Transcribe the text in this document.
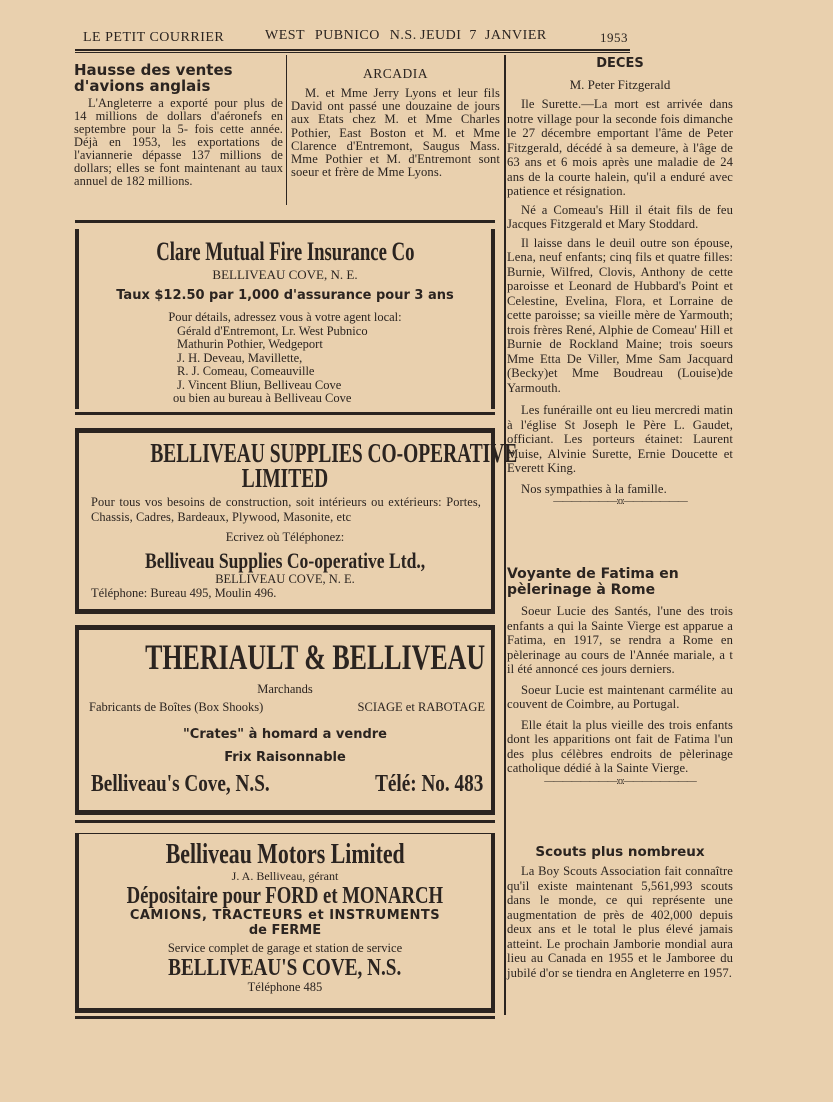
LE PETIT COURRIER	WEST PUBNICO N.S. JEUDI 7 JANVIER	1953
Hausse des ventes d'avions anglais
L'Angleterre a exporté pour plus de 14 millions de dollars d'aéronefs en septembre pour la 5- fois cette année. Déjà en 1953, les exportations de l'aviannerie dépasse 137 millions de dollars; elles se font maintenant au taux annuel de 182 millions.
ARCADIA
M. et Mme Jerry Lyons et leur fils David ont passé une douzaine de jours aux Etats chez M. et Mme Charles Pothier, East Boston et M. et Mme Clarence d'Entremont, Saugus Mass. Mme Pothier et M. d'Entremont sont soeur et frère de Mme Lyons.
DECES
M. Peter Fitzgerald
Ile Surette.—La mort est arrivée dans notre village pour la seconde fois dimanche le 27 décembre emportant l'âme de Peter Fitzgerald, décédé à sa demeure, à l'âge de 63 ans et 6 mois après une maladie de 24 ans de la courte halein, qu'il a enduré avec patience et résignation.
Né a Comeau's Hill il était fils de feu Jacques Fitzgerald et Mary Stoddard.
Il laisse dans le deuil outre son épouse, Lena, neuf enfants; cinq fils et quatre filles: Burnie, Wilfred, Clovis, Anthony de cette paroisse et Leonard de Hubbard's Point et Celestine, Evelina, Flora, et Lorraine de cette paroisse; sa vieille mère de Yarmouth; trois frères René, Alphie de Comeau' Hill et Burnie de Rockland Maine; trois soeurs Mme Etta De Viller, Mme Sam Jacquard (Becky)et Mme Boudreau (Louise)de Yarmouth.
Les funéraille ont eu lieu mercredi matin à l'église St Joseph le Père L. Gaudet, officiant. Les porteurs étainet: Laurent Muise, Alvinie Surette, Ernie Doucette et Everett King.
Nos sympathies à la famille.
———————:o:———————
Voyante de Fatima en pèlerinage à Rome
Soeur Lucie des Santés, l'une des trois enfants a qui la Sainte Vierge est apparue a Fatima, en 1917, se rendra a Rome en pèlerinage au cours de l'Année mariale, a t il été annoncé ces jours derniers.
Soeur Lucie est maintenant carmélite au couvent de Coimbre, au Portugal.
Elle était la plus vieille des trois enfants dont les apparitions ont fait de Fatima l'un des plus célèbres endroits de pèlerinage catholique dédié à la Sainte Vierge.
————————:o:————————
Scouts plus nombreux
La Boy Scouts Association fait connaître qu'il existe maintenant 5,561,993 scouts dans le monde, ce qui représente une augmentation de près de 402,000 depuis deux ans et le total le plus élevé jamais atteint. Le prochain Jamborie mondial aura lieu au Canada en 1955 et le Jamboree du jubilé d'or se tiendra en Angleterre en 1957.
Clare Mutual Fire Insurance Co
BELLIVEAU COVE, N. E.
Taux $12.50 par 1,000 d'assurance pour 3 ans
Pour détails, adressez vous à votre agent local:
Gérald d'Entremont, Lr. West Pubnico
Mathurin Pothier, Wedgeport
J. H. Deveau, Mavillette,
R. J. Comeau, Comeauville
J. Vincent Bliun, Belliveau Cove
ou bien au bureau à Belliveau Cove
BELLIVEAU SUPPLIES CO-OPERATIVE
LIMITED
Pour tous vos besoins de construction, soit intérieurs ou extérieurs: Portes, Chassis, Cadres, Bardeaux, Plywood, Masonite, etc
Ecrivez où Téléphonez:
Belliveau Supplies Co-operative Ltd.,
BELLIVEAU COVE, N. E.
Téléphone: Bureau 495, Moulin 496.
THERIAULT & BELLIVEAU
Marchands
Fabricants de Boîtes (Box Shooks)	SCIAGE et RABOTAGE
"Crates" à homard a vendre
Frix Raisonnable
Belliveau's Cove, N.S.	Télé: No. 483
Belliveau Motors Limited
J. A. Belliveau, gérant
Dépositaire pour FORD et MONARCH
CAMIONS, TRACTEURS et INSTRUMENTS
de FERME
Service complet de garage et station de service
BELLIVEAU'S COVE, N.S.
Téléphone 485
